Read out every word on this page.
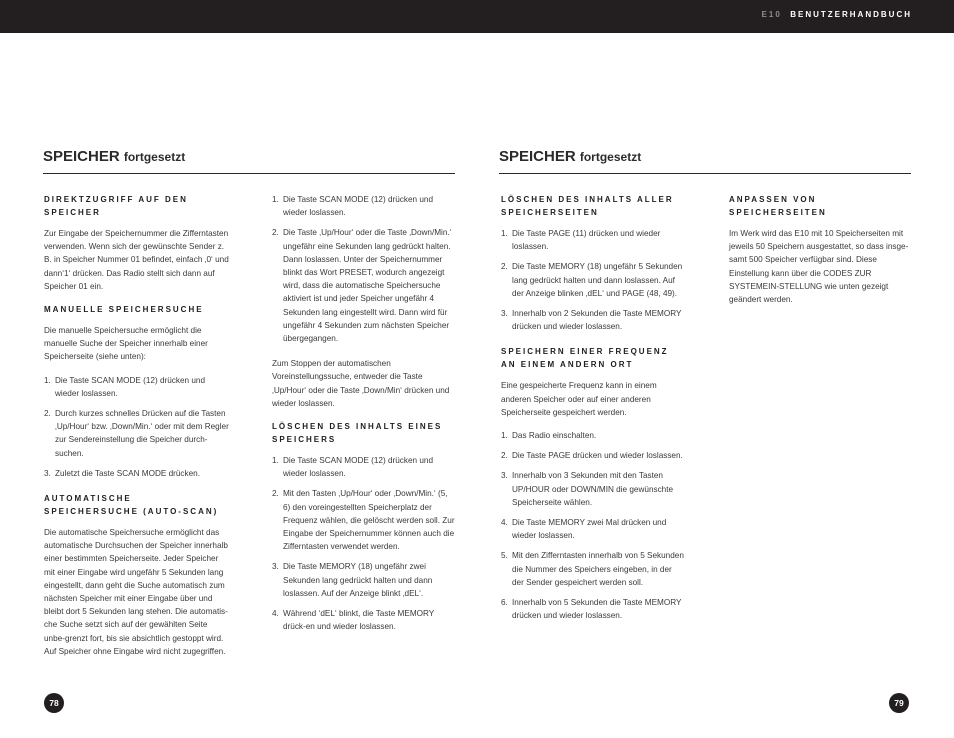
E10 BENUTZERHANDBUCH
SPEICHER fortgesetzt
DIREKTZUGRIFF AUF DEN SPEICHER

Zur Eingabe der Speichernummer die Zifferntasten verwenden. Wenn sich der gewünschte Sender z. B. in Speicher Nummer 01 befindet, einfach ‚0‘ und dann‘1‘ drücken. Das Radio stellt sich dann auf Speicher 01 ein.

MANUELLE SPEICHERSUCHE

Die manuelle Speichersuche ermöglicht die manuelle Suche der Speicher innerhalb einer Speicherseite (siehe unten):

1. Die Taste SCAN MODE (12) drücken und wieder loslassen.
2. Durch kurzes schnelles Drücken auf die Tasten ‚Up/Hour‘ bzw. ‚Down/Min.‘ oder mit dem Regler zur Sendereinstellung die Speicher durch-suchen.
3. Zuletzt die Taste SCAN MODE drücken.
AUTOMATISCHE SPEICHERSUCHE (AUTO-SCAN)

Die automatische Speichersuche ermöglicht das automatische Durchsuchen der Speicher innerhalb einer bestimmten Speicherseite. Jeder Speicher mit einer Eingabe wird ungefähr 5 Sekunden lang eingestellt, dann geht die Suche automatisch zum nächsten Speicher mit einer Eingabe über und bleibt dort 5 Sekunden lang stehen. Die automatis-che Suche setzt sich auf der gewählten Seite unbe-grenzt fort, bis sie absichtlich gestoppt wird. Auf Speicher ohne Eingabe wird nicht zugegriffen.

1. Die Taste SCAN MODE (12) drücken und wieder loslassen.
2. Die Taste ‚Up/Hour‘ oder die Taste ‚Down/Min.‘ ungefähr eine Sekunden lang gedrückt halten. Dann loslassen. Unter der Speichernummer blinkt das Wort PRESET, wodurch angezeigt wird, dass die automatische Speichersuche aktiviert ist und jeder Speicher ungefähr 4 Sekunden lang eingestellt wird. Dann wird für ungefähr 4 Sekunden zum nächsten Speicher übergegangen.

Zum Stoppen der automatischen Voreinstellungssuche, entweder die Taste ‚Up/Hour‘ oder die Taste ‚Down/Min‘ drücken und wieder loslassen.

LÖSCHEN DES INHALTS EINES SPEICHERS
1. Die Taste SCAN MODE (12) drücken und wieder loslassen.
2. Mit den Tasten ‚Up/Hour‘ oder ‚Down/Min.‘ (5, 6) den voreingestellten Speicherplatz der Frequenz wählen, die gelöscht werden soll. Zur Eingabe der Speichernummer können auch die Zifferntasten verwendet werden.
3. Die Taste MEMORY (18) ungefähr zwei Sekunden lang gedrückt halten und dann loslassen. Auf der Anzeige blinkt ‚dEL‘.
4. Während ‘dEL‘ blinkt, die Taste MEMORY drück-en und wieder loslassen.
78
SPEICHER fortgesetzt
LÖSCHEN DES INHALTS ALLER SPEICHERSEITEN
1. Die Taste PAGE (11) drücken und wieder loslassen.
2. Die Taste MEMORY (18) ungefähr 5 Sekunden lang gedrückt halten und dann loslassen. Auf der Anzeige blinken ‚dEL‘ und PAGE (48, 49).
3. Innerhalb von 2 Sekunden die Taste MEMORY drücken und wieder loslassen.
SPEICHERN EINER FREQUENZ AN EINEM ANDERN ORT

Eine gespeicherte Frequenz kann in einem anderen Speicher oder auf einer anderen Speicherseite gespeichert werden.

1. Das Radio einschalten.
2. Die Taste PAGE drücken und wieder loslassen.
3. Innerhalb von 3 Sekunden mit den Tasten UP/HOUR oder DOWN/MIN die gewünschte Speicherseite wählen.
4. Die Taste MEMORY zwei Mal drücken und wieder loslassen.
5. Mit den Zifferntasten innerhalb von 5 Sekunden die Nummer des Speichers eingeben, in der der Sender gespeichert werden soll.
6. Innerhalb von 5 Sekunden die Taste MEMORY drücken und wieder loslassen.
ANPASSEN VON SPEICHERSEITEN

Im Werk wird das E10 mit 10 Speicherseiten mit jeweils 50 Speichern ausgestattet, so dass insge-samt 500 Speicher verfügbar sind. Diese Einstellung kann über die CODES ZUR SYSTEMEIN-STELLUNG wie unten gezeigt geändert werden.

79
